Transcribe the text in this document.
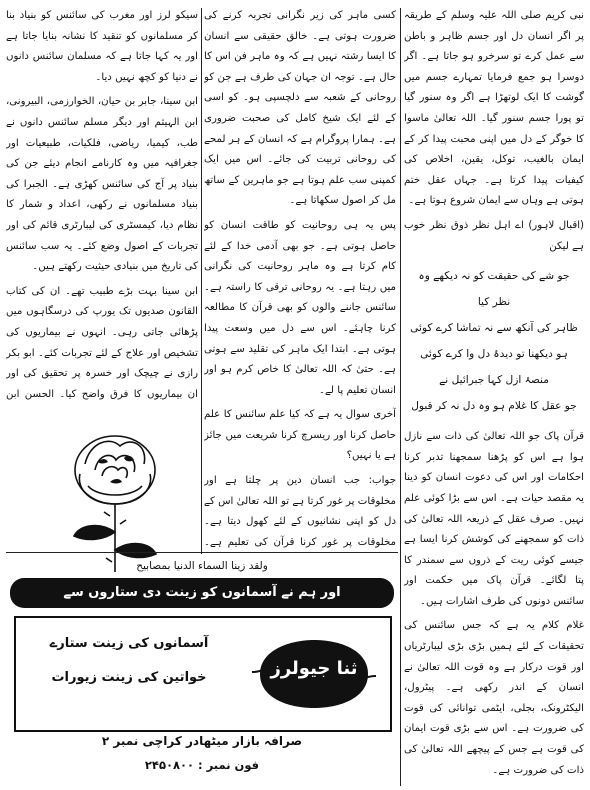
نبی کریم صلی اللہ علیہ وسلم کے طریقہ پر اگر انسان دل اور جسم ظاہر و باطن سے عمل کرے تو سرخرو ہو جاتا ہے۔ اگر دوسرا ہو جمع فرمایا تمہارے جسم میں گوشت کا ایک لوتھڑا ہے اگر وہ سنور گیا تو پورا جسم سنور گیا۔ اللہ تعالیٰ ماسوا کا خوگر کے دل میں اپنی محبت پیدا کر کے ایمان بالغیب، توکل، یقین، اخلاص کی کیفیات پیدا کرتا ہے۔ جہاں عقل ختم ہوتی ہے وہاں سے ایمان شروع ہوتا ہے۔

(اقبال لاہور) اے اہل نظر ذوق نظر خوب ہے لیکن

جو شے کی حقیقت کو نہ دیکھے وہ نظر کیا
ظاہر کی آنکھ سے نہ تماشا کرے کوئی
ہو دیکھنا تو دیدۂ دل وا کرے کوئی
منصۂ ازل کہا جبرائیل نے
جو عقل کا غلام ہو وہ دل نہ کر قبول

قرآن پاک جو اللہ تعالیٰ کی ذات سے نازل ہوا ہے اس کو پڑھنا سمجھنا تدبر کرنا احکامات اور اس کی دعوت انسان کو دینا یہ مقصد حیات ہے۔ اس سے بڑا کوئی علم نہیں۔ صرف عقل کے ذریعہ اللہ تعالیٰ کی ذات کو سمجھنے کی کوشش کرنا ایسا ہے جیسے کوئی ریت کے ذروں سے سمندر کا پتا لگائے۔ قرآن پاک میں حکمت اور سائنس دونوں کی طرف اشارات ہیں۔

غلام کلام یہ ہے کہ جس سائنس کی تحقیقات کے لئے ہمیں بڑی بڑی لیبارٹریاں اور قوت درکار ہے وہ قوت اللہ تعالیٰ نے انسان کے اندر رکھی ہے۔ پیٹرول، الیکٹرونک، بجلی، ایٹمی توانائی کی قوت کی ضرورت ہے۔ اس سے بڑی قوت ایمان کی قوت ہے جس کے پیچھے اللہ تعالیٰ کی ذات کی ضرورت ہے۔

کسی ماہر کی زیر نگرانی تجربہ کرنے کی ضرورت ہوتی ہے۔ خالق حقیقی سے انسان کا ایسا رشتہ نہیں ہے کہ وہ ماہر فن اس کا حال ہے۔ توجہ ان جہان کی طرف ہے جن کو روحانی کے شعبہ سے دلچسپی ہو۔ کو اسی کے لئے ایک شیخ کامل کی صحبت ضروری ہے۔ ہمارا پروگرام ہے کہ انسان کے ہر لمحے کی روحانی تربیت کی جائے۔ اس میں ایک کمپنی سب علم ہوتا ہے جو ماہرین کے ساتھ مل کر اصول سکھاتا ہے۔

پس یہ ہی روحانیت کو طاقت انسان کو حاصل ہوتی ہے۔ جو بھی آدمی خدا کے لئے کام کرتا ہے وہ ماہر روحانیت کی نگرانی میں رہتا ہے۔ یہ روحانی ترقی کا راستہ ہے۔ سائنس جاننے والوں کو بھی قرآن کا مطالعہ کرنا چاہئے۔ اس سے دل میں وسعت پیدا ہوتی ہے۔ ابتدا ایک ماہر کی تقلید سے ہوتی ہے۔ حتیٰ کہ اللہ تعالیٰ کا خاص کرم ہو اور انسان تعلیم پا لے۔

آخری سوال یہ ہے کہ کیا علم سائنس کا علم حاصل کرنا اور ریسرچ کرنا شریعت میں جائز ہے یا نہیں؟

جواب: جب انسان دین پر چلتا ہے اور مخلوقات پر غور کرتا ہے تو اللہ تعالیٰ اس کے دل کو اپنی نشانیوں کے لئے کھول دیتا ہے۔ مخلوقات پر غور کرنا قرآن کی تعلیم ہے۔

سیکو لرز اور مغرب کی سائنس کو بنیاد بنا کر مسلمانوں کو تنقید کا نشانہ بنایا جاتا ہے اور یہ کہا جاتا ہے کہ مسلمان سائنس دانوں نے دنیا کو کچھ نہیں دیا۔

ابن سینا، جابر بن حیان، الخوارزمی، البیرونی، ابن الہیثم اور دیگر مسلم سائنس دانوں نے طب، کیمیا، ریاضی، فلکیات، طبیعیات اور جغرافیہ میں وہ کارنامے انجام دیئے جن کی بنیاد پر آج کی سائنس کھڑی ہے۔ الجبرا کی بنیاد مسلمانوں نے رکھی، اعداد و شمار کا نظام دیا، کیمسٹری کی لیبارٹری قائم کی اور تجربات کے اصول وضع کئے۔ یہ سب سائنس کی تاریخ میں بنیادی حیثیت رکھتے ہیں۔

ابن سینا بہت بڑے طبیب تھے۔ ان کی کتاب القانون صدیوں تک یورپ کی درسگاہوں میں پڑھائی جاتی رہی۔ انہوں نے بیماریوں کی تشخیص اور علاج کے لئے تجربات کئے۔ ابو بکر رازی نے چیچک اور خسرہ پر تحقیق کی اور ان بیماریوں کا فرق واضح کیا۔ الحسن ابن

ولقد زینا السماء الدنیا بمصابیح
اور ہم نے آسمانوں کو زینت دی ستاروں سے
آسمانوں کی زینت ستارے
خواتین کی زینت زیورات	ثنا جیولرز
صرافہ بازار میٹھادر کراچی نمبر ۲
فون نمبر : ۲۴۵۰۸۰۰
